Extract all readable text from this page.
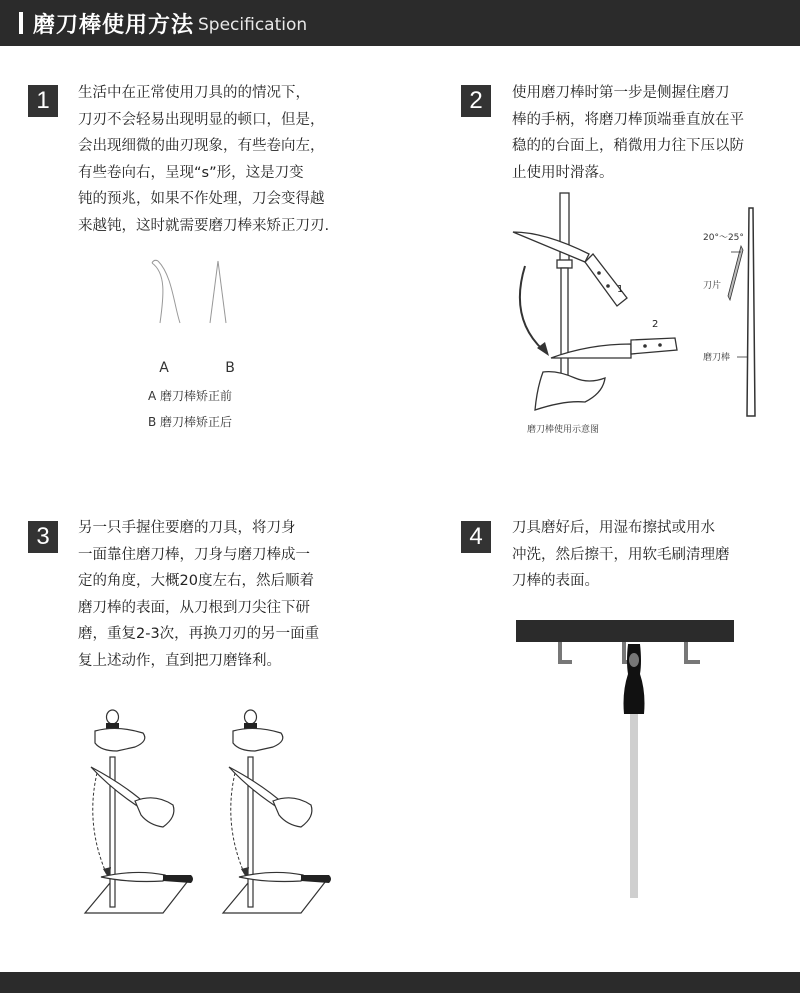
磨刀棒使用方法 Specification
1	生活中在正常使用刀具的的情况下，
刀刃不会轻易出现明显的顿口，但是，
会出现细微的曲刃现象，有些卷向左，
有些卷向右，呈现“s”形，这是刀变
钝的预兆，如果不作处理，刀会变得越
来越钝，这时就需要磨刀棒来矫正刀刃.
A	B
A 磨刀棒矫正前
B 磨刀棒矫正后
2	使用磨刀棒时第一步是侧握住磨刀
棒的手柄，将磨刀棒顶端垂直放在平
稳的的台面上，稍微用力往下压以防
止使用时滑落。
1
2
磨刀棒使用示意图
20°～25°
刀片
磨刀棒
3	另一只手握住要磨的刀具，将刀身
一面靠住磨刀棒，刀身与磨刀棒成一
定的角度，大概20度左右，然后顺着
磨刀棒的表面，从刀根到刀尖往下研
磨，重复2-3次，再换刀刃的另一面重
复上述动作，直到把刀磨锋利。
4	刀具磨好后，用湿布擦拭或用水
冲洗，然后擦干，用软毛刷清理磨
刀棒的表面。
